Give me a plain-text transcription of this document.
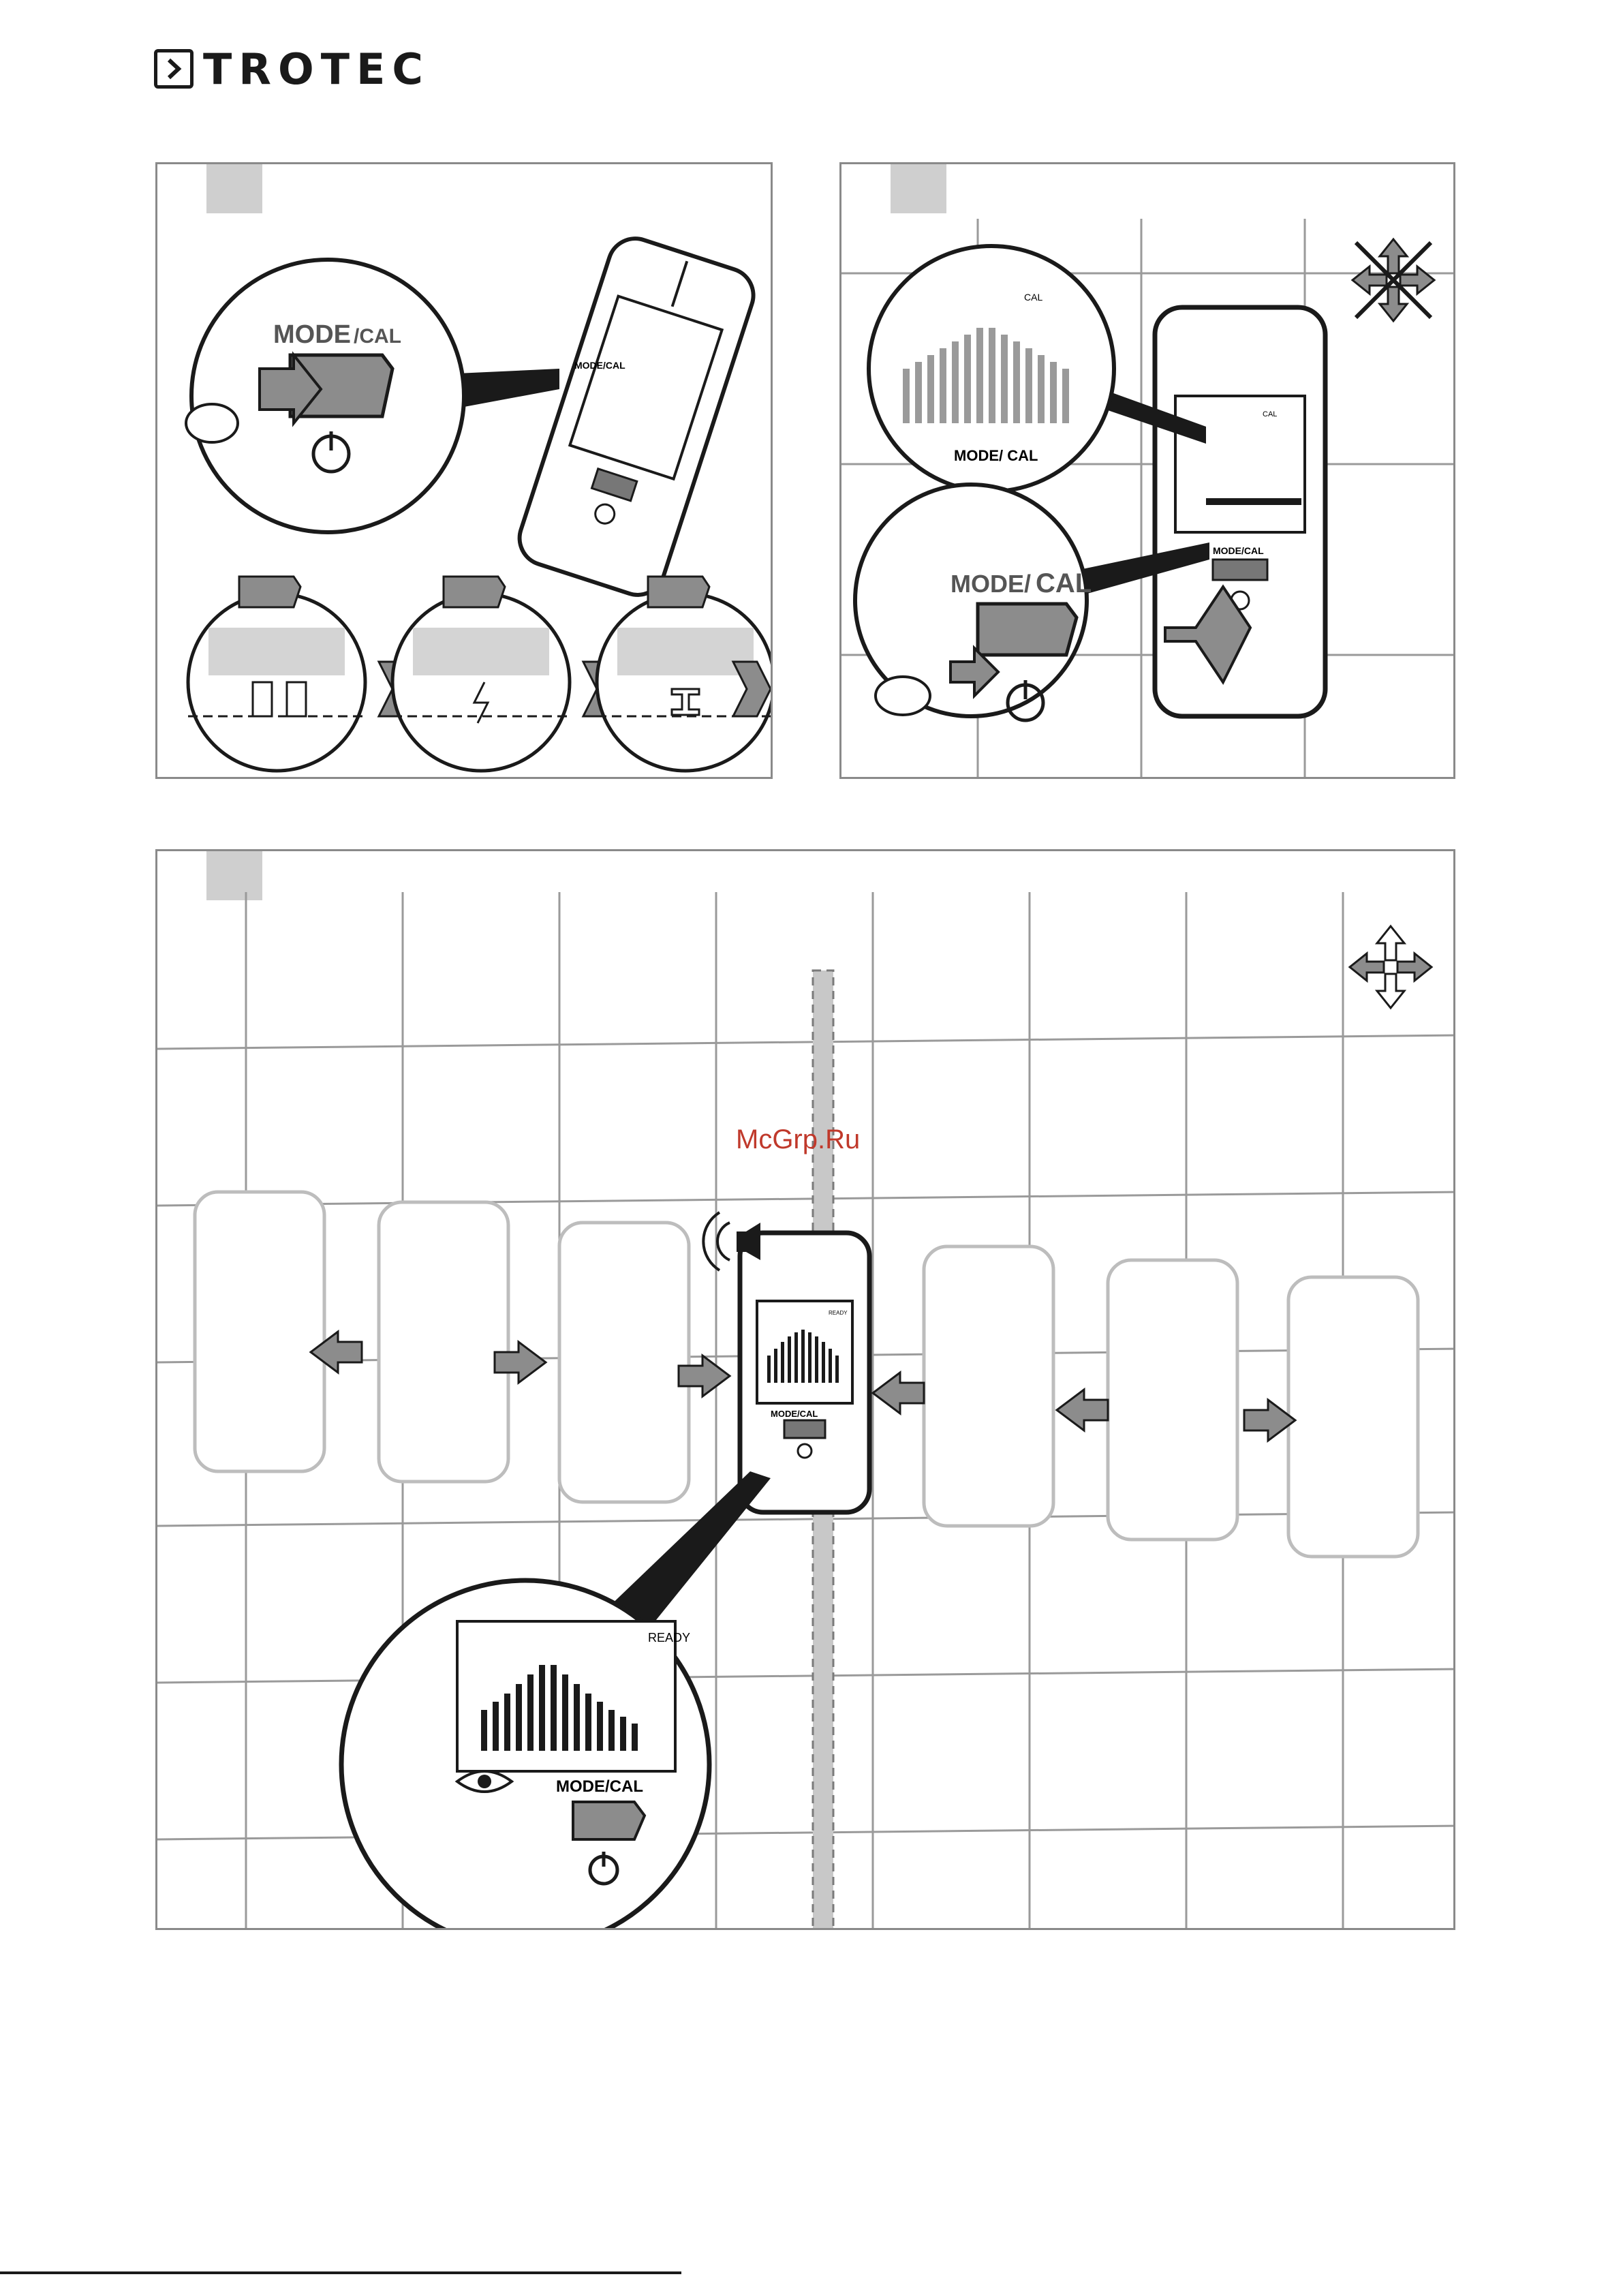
TROTEC
MODE/CAL
MODE /CAL
MODE/CAL
CAL
CAL
MODE/ CAL
MODE/ CAL
MODE/CAL
READY
READY
MODE/CAL
McGrp.Ru
